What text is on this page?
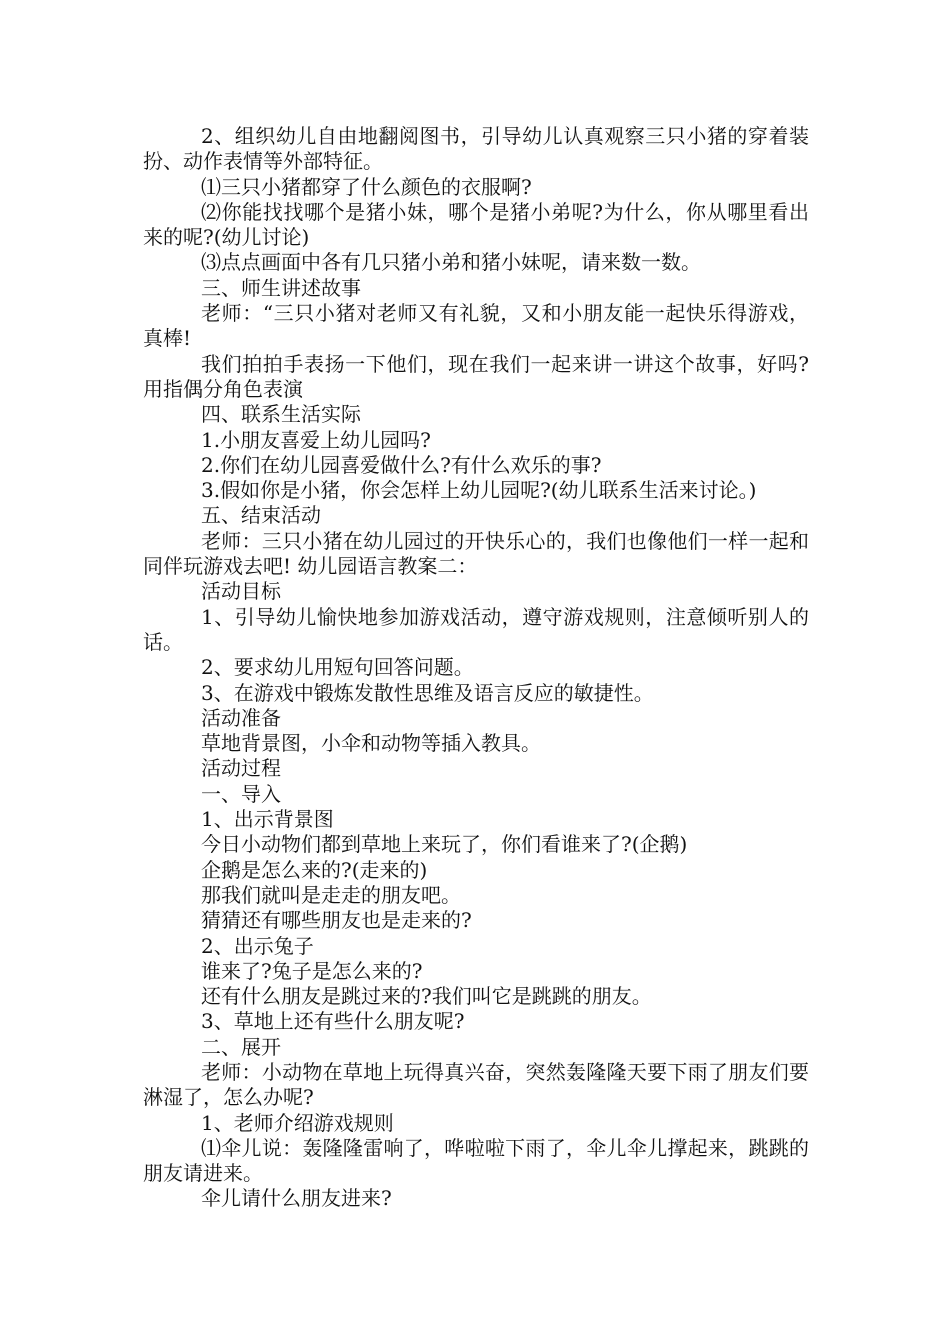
2、组织幼儿自由地翻阅图书，引导幼儿认真观察三只小猪的穿着装扮、动作表情等外部特征。

⑴三只小猪都穿了什么颜色的衣服啊?

⑵你能找找哪个是猪小妹，哪个是猪小弟呢?为什么，你从哪里看出来的呢?(幼儿讨论)

⑶点点画面中各有几只猪小弟和猪小妹呢，请来数一数。

三、师生讲述故事

老师：“三只小猪对老师又有礼貌，又和小朋友能一起快乐得游戏，真棒!

我们拍拍手表扬一下他们，现在我们一起来讲一讲这个故事，好吗?用指偶分角色表演

四、联系生活实际

1.小朋友喜爱上幼儿园吗?

2.你们在幼儿园喜爱做什么?有什么欢乐的事?

3.假如你是小猪，你会怎样上幼儿园呢?(幼儿联系生活来讨论。)

五、结束活动

老师：三只小猪在幼儿园过的开快乐心的，我们也像他们一样一起和同伴玩游戏去吧! 幼儿园语言教案二：

活动目标

1、引导幼儿愉快地参加游戏活动，遵守游戏规则，注意倾听别人的话。

2、要求幼儿用短句回答问题。

3、在游戏中锻炼发散性思维及语言反应的敏捷性。

活动准备

草地背景图，小伞和动物等插入教具。

活动过程

一、导入

1、出示背景图

今日小动物们都到草地上来玩了，你们看谁来了?(企鹅)

企鹅是怎么来的?(走来的)

那我们就叫是走走的朋友吧。

猜猜还有哪些朋友也是走来的?

2、出示兔子

谁来了?兔子是怎么来的?

还有什么朋友是跳过来的?我们叫它是跳跳的朋友。

3、草地上还有些什么朋友呢?

二、展开

老师：小动物在草地上玩得真兴奋，突然轰隆隆天要下雨了朋友们要淋湿了，怎么办呢?

1、老师介绍游戏规则

⑴伞儿说：轰隆隆雷响了，哗啦啦下雨了，伞儿伞儿撑起来，跳跳的朋友请进来。

伞儿请什么朋友进来?
